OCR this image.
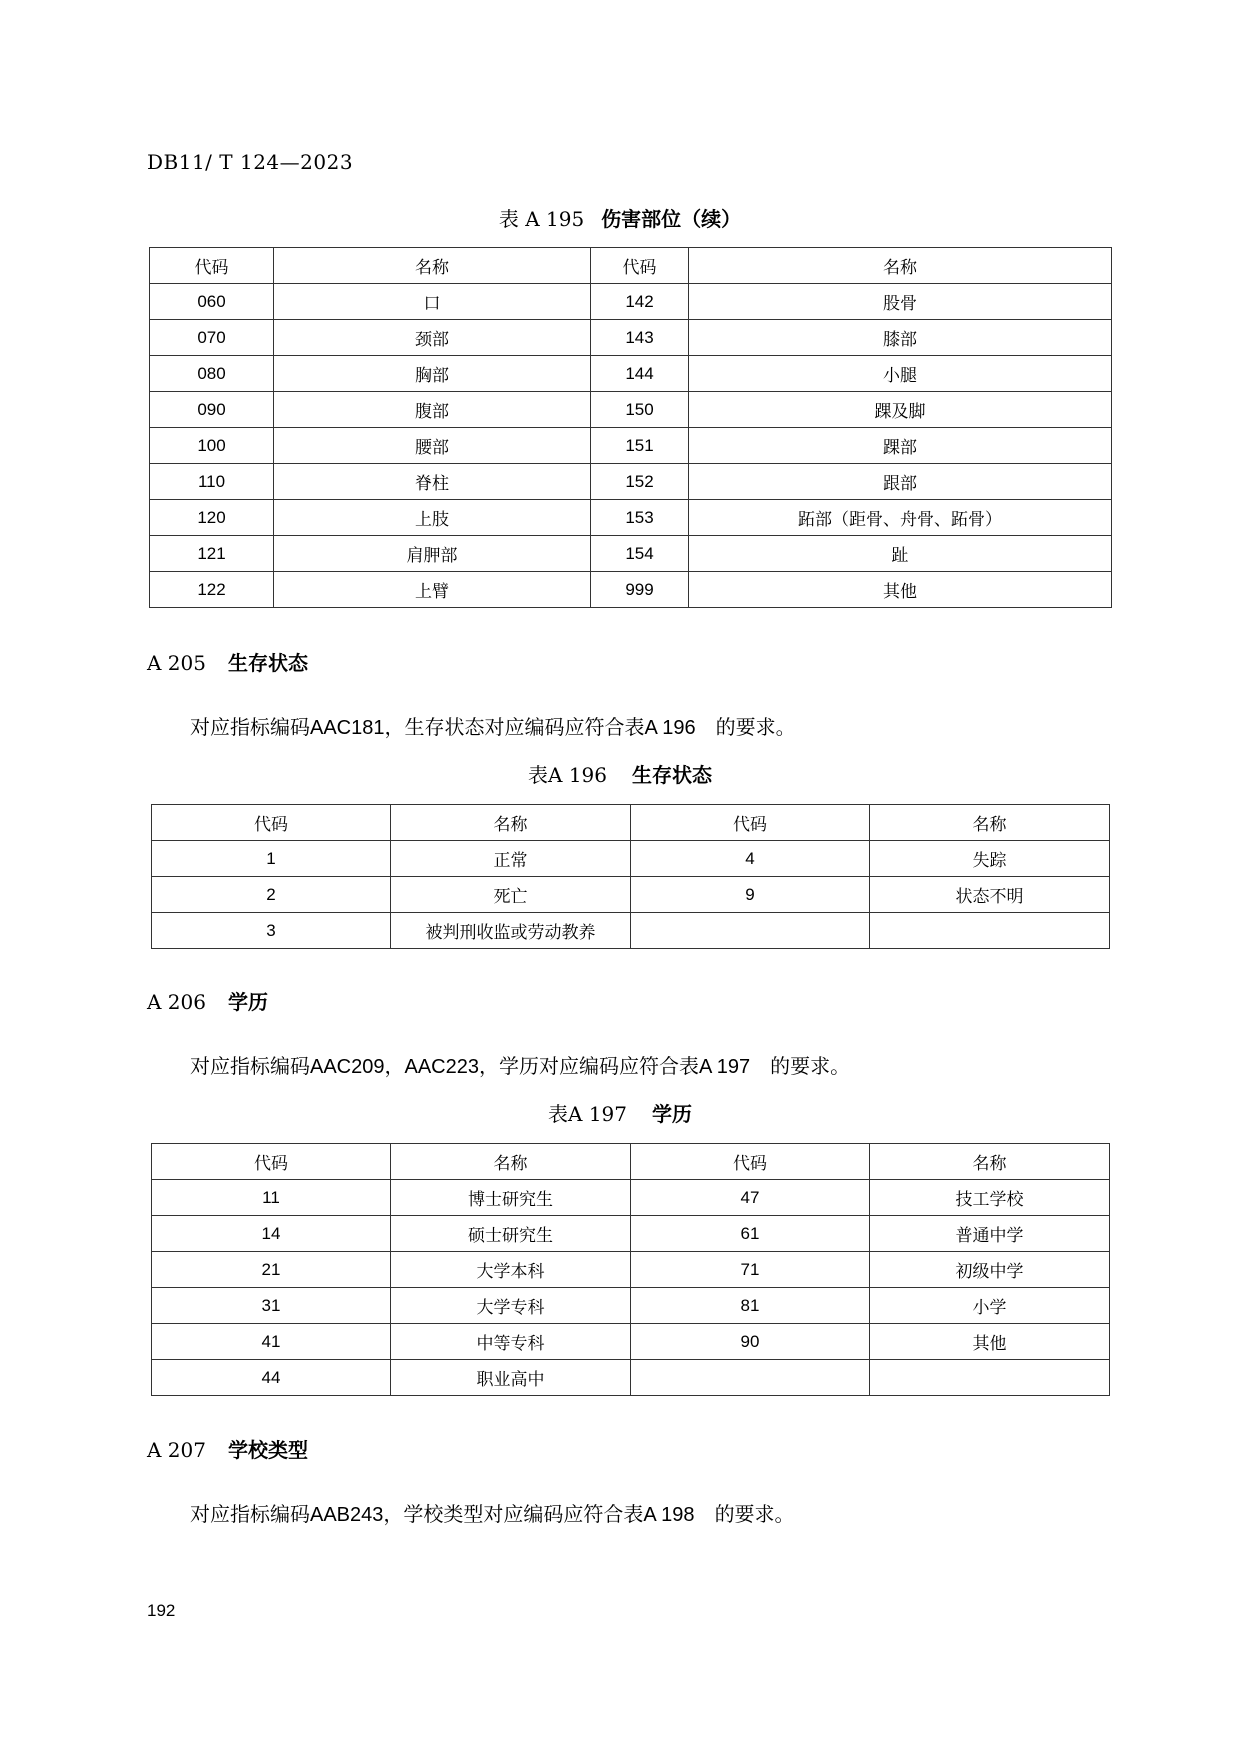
DB11/ T 124—2023
表 A 195 伤害部位（续）
代码	名称	代码	名称
060	口	142	股骨
070	颈部	143	膝部
080	胸部	144	小腿
090	腹部	150	踝及脚
100	腰部	151	踝部
110	脊柱	152	跟部
120	上肢	153	跖部（距骨、舟骨、跖骨）
121	肩胛部	154	趾
122	上臂	999	其他
A 205 生存状态
对应指标编码AAC181，生存状态对应编码应符合表A 196 的要求。
表A 196 生存状态
代码	名称	代码	名称
1	正常	4	失踪
2	死亡	9	状态不明
3	被判刑收监或劳动教养		
A 206 学历
对应指标编码AAC209，AAC223，学历对应编码应符合表A 197 的要求。
表A 197 学历
代码	名称	代码	名称
11	博士研究生	47	技工学校
14	硕士研究生	61	普通中学
21	大学本科	71	初级中学
31	大学专科	81	小学
41	中等专科	90	其他
44	职业高中		
A 207 学校类型
对应指标编码AAB243，学校类型对应编码应符合表A 198 的要求。
192
